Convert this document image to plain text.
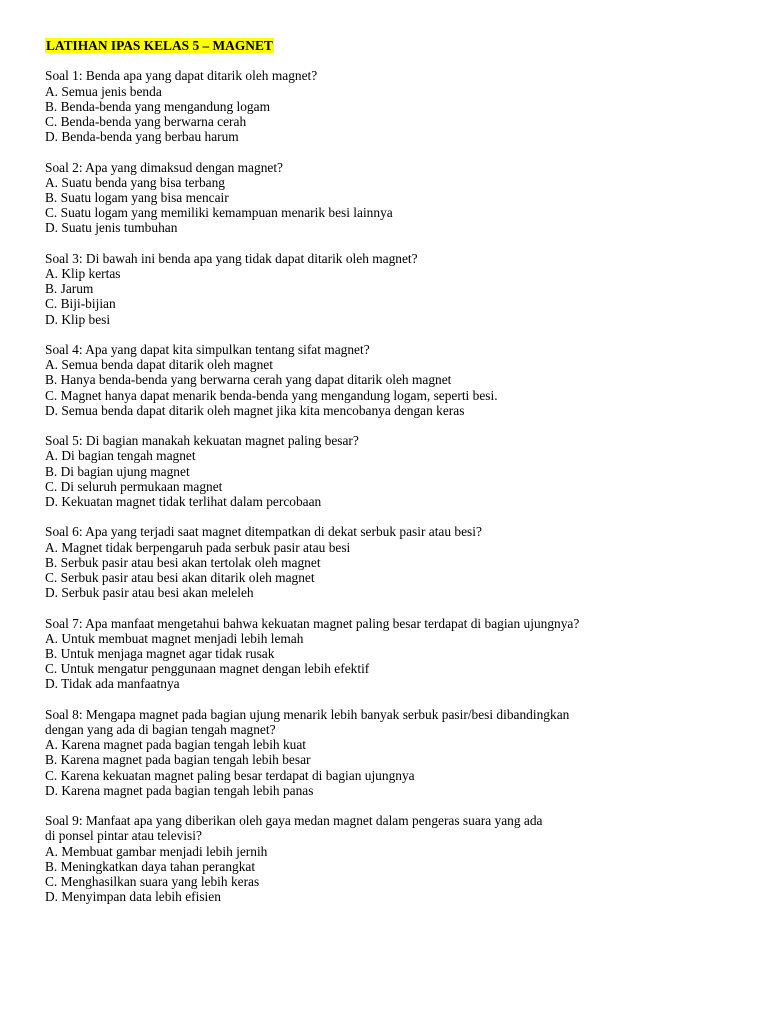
LATIHAN IPAS KELAS 5 – MAGNET
Soal 1: Benda apa yang dapat ditarik oleh magnet?
A. Semua jenis benda
B. Benda-benda yang mengandung logam
C. Benda-benda yang berwarna cerah
D. Benda-benda yang berbau harum
Soal 2: Apa yang dimaksud dengan magnet?
A. Suatu benda yang bisa terbang
B. Suatu logam yang bisa mencair
C. Suatu logam yang memiliki kemampuan menarik besi lainnya
D. Suatu jenis tumbuhan
Soal 3: Di bawah ini benda apa yang tidak dapat ditarik oleh magnet?
A. Klip kertas
B. Jarum
C. Biji-bijian
D. Klip besi
Soal 4: Apa yang dapat kita simpulkan tentang sifat magnet?
A. Semua benda dapat ditarik oleh magnet
B. Hanya benda-benda yang berwarna cerah yang dapat ditarik oleh magnet
C. Magnet hanya dapat menarik benda-benda yang mengandung logam, seperti besi.
D. Semua benda dapat ditarik oleh magnet jika kita mencobanya dengan keras
Soal 5: Di bagian manakah kekuatan magnet paling besar?
A. Di bagian tengah magnet
B. Di bagian ujung magnet
C. Di seluruh permukaan magnet
D. Kekuatan magnet tidak terlihat dalam percobaan
Soal 6: Apa yang terjadi saat magnet ditempatkan di dekat serbuk pasir atau besi?
A. Magnet tidak berpengaruh pada serbuk pasir atau besi
B. Serbuk pasir atau besi akan tertolak oleh magnet
C. Serbuk pasir atau besi akan ditarik oleh magnet
D. Serbuk pasir atau besi akan meleleh
Soal 7: Apa manfaat mengetahui bahwa kekuatan magnet paling besar terdapat di bagian ujungnya?
A. Untuk membuat magnet menjadi lebih lemah
B. Untuk menjaga magnet agar tidak rusak
C. Untuk mengatur penggunaan magnet dengan lebih efektif
D. Tidak ada manfaatnya
Soal 8: Mengapa magnet pada bagian ujung menarik lebih banyak serbuk pasir/besi dibandingkan
dengan yang ada di bagian tengah magnet?
A. Karena magnet pada bagian tengah lebih kuat
B. Karena magnet pada bagian tengah lebih besar
C. Karena kekuatan magnet paling besar terdapat di bagian ujungnya
D. Karena magnet pada bagian tengah lebih panas
Soal 9: Manfaat apa yang diberikan oleh gaya medan magnet dalam pengeras suara yang ada
di ponsel pintar atau televisi?
A. Membuat gambar menjadi lebih jernih
B. Meningkatkan daya tahan perangkat
C. Menghasilkan suara yang lebih keras
D. Menyimpan data lebih efisien
